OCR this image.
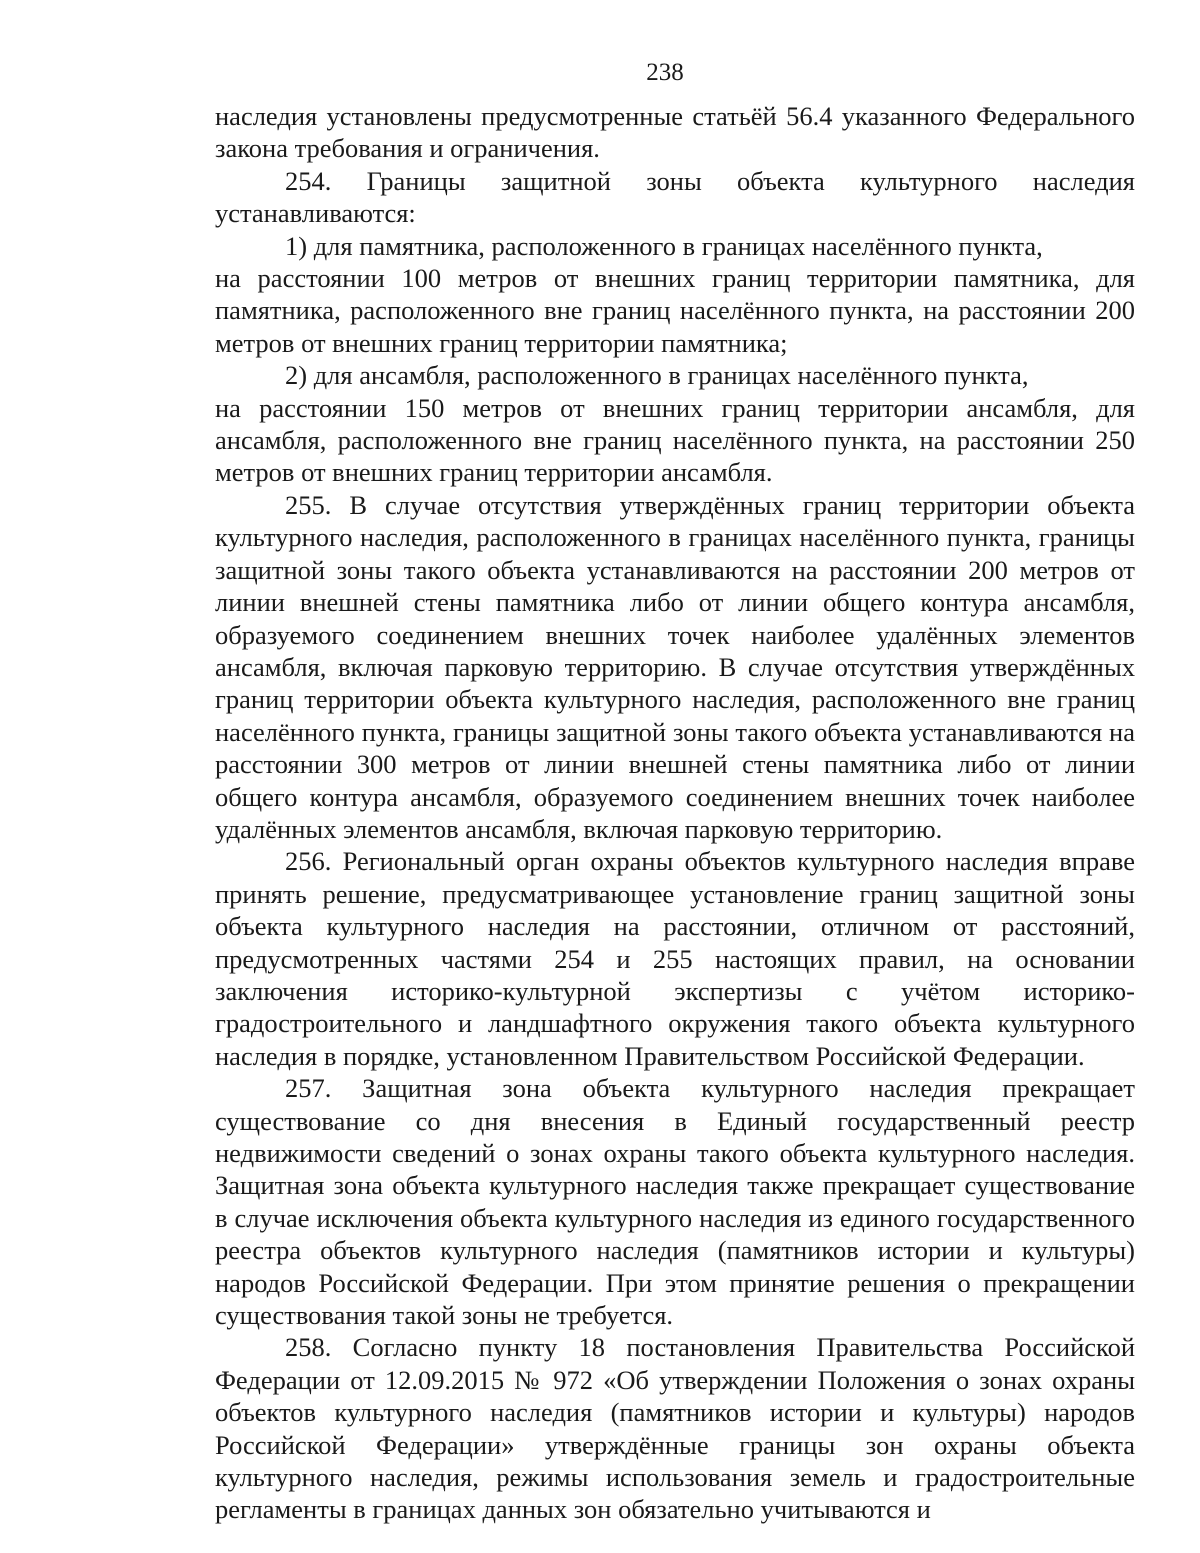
238

наследия установлены предусмотренные статьёй 56.4 указанного Федерального закона требования и ограничения.

254. Границы защитной зоны объекта культурного наследия устанавливаются:

1) для памятника, расположенного в границах населённого пункта,
на расстоянии 100 метров от внешних границ территории памятника, для памятника, расположенного вне границ населённого пункта, на расстоянии 200 метров от внешних границ территории памятника;
2) для ансамбля, расположенного в границах населённого пункта,
на расстоянии 150 метров от внешних границ территории ансамбля, для ансамбля, расположенного вне границ населённого пункта, на расстоянии 250 метров от внешних границ территории ансамбля.

255. В случае отсутствия утверждённых границ территории объекта культурного наследия, расположенного в границах населённого пункта, границы защитной зоны такого объекта устанавливаются на расстоянии 200 метров от линии внешней стены памятника либо от линии общего контура ансамбля, образуемого соединением внешних точек наиболее удалённых элементов ансамбля, включая парковую территорию. В случае отсутствия утверждённых границ территории объекта культурного наследия, расположенного вне границ населённого пункта, границы защитной зоны такого объекта устанавливаются на расстоянии 300 метров от линии внешней стены памятника либо от линии общего контура ансамбля, образуемого соединением внешних точек наиболее удалённых элементов ансамбля, включая парковую территорию.

256. Региональный орган охраны объектов культурного наследия вправе принять решение, предусматривающее установление границ защитной зоны объекта культурного наследия на расстоянии, отличном от расстояний, предусмотренных частями 254 и 255 настоящих правил, на основании заключения историко-культурной экспертизы с учётом историко-градостроительного и ландшафтного окружения такого объекта культурного наследия в порядке, установленном Правительством Российской Федерации.

257. Защитная зона объекта культурного наследия прекращает существование со дня внесения в Единый государственный реестр недвижимости сведений о зонах охраны такого объекта культурного наследия. Защитная зона объекта культурного наследия также прекращает существование в случае исключения объекта культурного наследия из единого государственного реестра объектов культурного наследия (памятников истории и культуры) народов Российской Федерации. При этом принятие решения о прекращении существования такой зоны не требуется.

258. Согласно пункту 18 постановления Правительства Российской Федерации от 12.09.2015 № 972 «Об утверждении Положения о зонах охраны объектов культурного наследия (памятников истории и культуры) народов Российской Федерации» утверждённые границы зон охраны объекта культурного наследия, режимы использования земель и градостроительные регламенты в границах данных зон обязательно учитываются и
